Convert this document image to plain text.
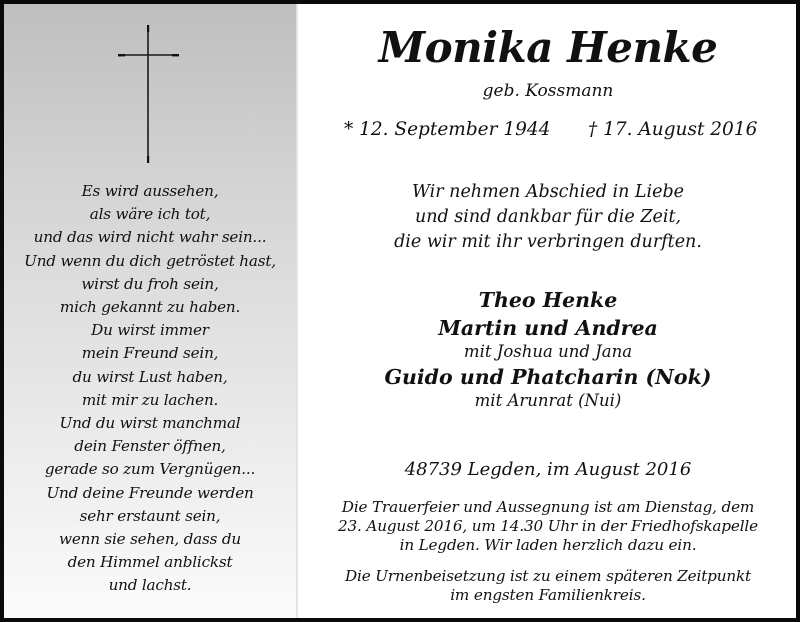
Es wird aussehen,
als wäre ich tot,
und das wird nicht wahr sein...
Und wenn du dich getröstet hast,
wirst du froh sein,
mich gekannt zu haben.
Du wirst immer
mein Freund sein,
du wirst Lust haben,
mit mir zu lachen.
Und du wirst manchmal
dein Fenster öffnen,
gerade so zum Vergnügen...
Und deine Freunde werden
sehr erstaunt sein,
wenn sie sehen, dass du
den Himmel anblickst
und lachst.
Monika Henke
geb. Kossmann
* 12. September 1944 † 17. August 2016
Wir nehmen Abschied in Liebe
und sind dankbar für die Zeit,
die wir mit ihr verbringen durften.
Theo Henke
Martin und Andrea
mit Joshua und Jana
Guido und Phatcharin (Nok)
mit Arunrat (Nui)
48739 Legden, im August 2016
Die Trauerfeier und Aussegnung ist am Dienstag, dem
23. August 2016, um 14.30 Uhr in der Friedhofskapelle
in Legden. Wir laden herzlich dazu ein.
Die Urnenbeisetzung ist zu einem späteren Zeitpunkt
im engsten Familienkreis.
